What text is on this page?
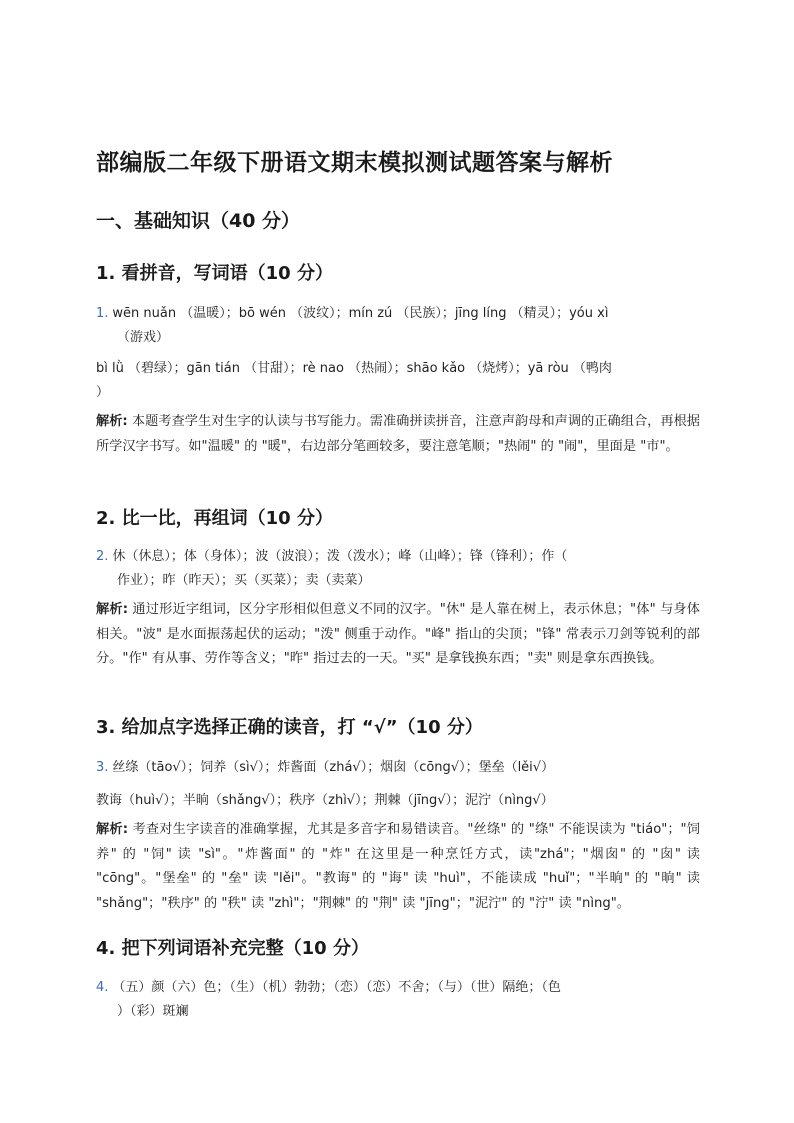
部编版二年级下册语文期末模拟测试题答案与解析
一、基础知识（40 分）
1. 看拼音，写词语（10 分）

1. wēn nuǎn （温暖）；bō wén （波纹）；mín zú （民族）；jīng líng （精灵）；yóu xì

（游戏）

bì lǜ （碧绿）；gān tián （甘甜）；rè nao （热闹）；shāo kǎo （烧烤）；yā ròu （鸭肉

）

解析: 本题考查学生对生字的认读与书写能力。需准确拼读拼音，注意声韵母和声调的正确组合，再根据所学汉字书写。如"温暖" 的 "暖"，右边部分笔画较多，要注意笔顺；"热闹" 的 "闹"，里面是 "市"。

2. 比一比，再组词（10 分）

2. 休（休息）；体（身体）；波（波浪）；泼（泼水）；峰（山峰）；锋（锋利）；作（

作业）；昨（昨天）；买（买菜）；卖（卖菜）

解析: 通过形近字组词，区分字形相似但意义不同的汉字。"休" 是人靠在树上，表示休息；"体" 与身体相关。"波" 是水面振荡起伏的运动；"泼" 侧重于动作。"峰" 指山的尖顶；"锋" 常表示刀剑等锐利的部分。"作" 有从事、劳作等含义；"昨" 指过去的一天。"买" 是拿钱换东西；"卖" 则是拿东西换钱。

3. 给加点字选择正确的读音，打 “√”（10 分）

3. 丝绦（tāo√）；饲养（sì√）；炸酱面（zhá√）；烟囱（cōng√）；堡垒（lěi√）

教诲（huì√）；半晌（shǎng√）；秩序（zhì√）；荆棘（jīng√）；泥泞（nìng√）

解析: 考查对生字读音的准确掌握，尤其是多音字和易错读音。"丝绦" 的 "绦" 不能误读为 "tiáo"；"饲养" 的 "饲" 读 "sì"。"炸酱面" 的 "炸" 在这里是一种烹饪方式，读"zhá"；"烟囱" 的 "囱" 读 "cōng"。"堡垒" 的 "垒" 读 "lěi"。"教诲" 的 "诲" 读 "huì"，不能读成 "huǐ"；"半晌" 的 "晌" 读 "shǎng"；"秩序" 的 "秩" 读 "zhì"；"荆棘" 的 "荆" 读 "jīng"；"泥泞" 的 "泞" 读 "nìng"。

4. 把下列词语补充完整（10 分）

4. （五）颜（六）色；（生）（机）勃勃；（恋）（恋）不舍；（与）（世）隔绝；（色

）（彩）斑斓
